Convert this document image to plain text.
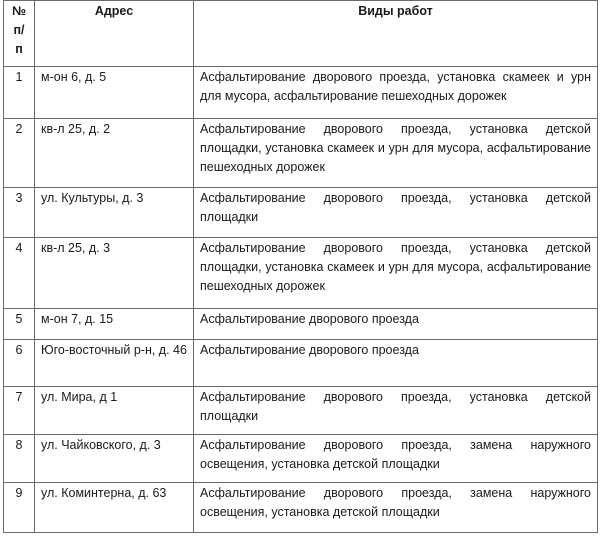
№ п/ п	Адрес	Виды работ
1	м-он 6, д. 5	Асфальтирование дворового проезда, установка скамеек и урн для мусора, асфальтирование пешеходных дорожек
2	кв-л 25, д. 2	Асфальтирование дворового проезда, установка детской площадки, установка скамеек и урн для мусора, асфальтирование пешеходных дорожек
3	ул. Культуры, д. 3	Асфальтирование дворового проезда, установка детской площадки
4	кв-л 25, д. 3	Асфальтирование дворового проезда, установка детской площадки, установка скамеек и урн для мусора, асфальтирование пешеходных дорожек
5	м-он 7, д. 15	Асфальтирование дворового проезда
6	Юго-восточный р-н, д. 46	Асфальтирование дворового проезда
7	ул. Мира, д 1	Асфальтирование дворового проезда, установка детской площадки
8	ул. Чайковского, д. 3	Асфальтирование дворового проезда, замена наружного освещения, установка детской площадки
9	ул. Коминтерна, д. 63	Асфальтирование дворового проезда, замена наружного освещения, установка детской площадки
